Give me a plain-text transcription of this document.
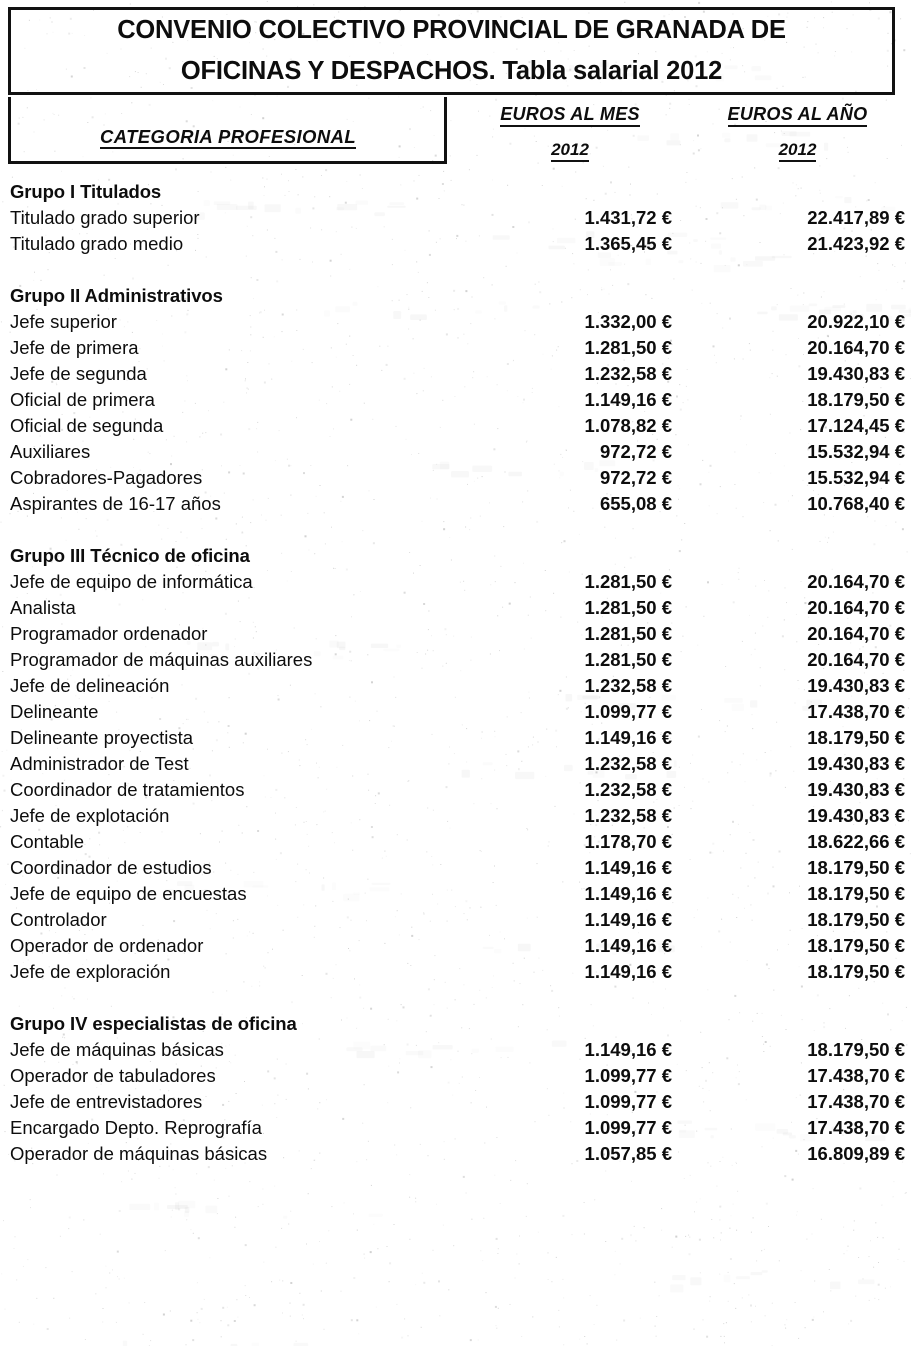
CONVENIO COLECTIVO PROVINCIAL DE GRANADA DE
OFICINAS Y DESPACHOS. Tabla salarial 2012
CATEGORIA PROFESIONAL
EUROS AL MES
2012
EUROS AL AÑO
2012
Grupo I Titulados
Titulado grado superior	1.431,72 €	22.417,89 €
Titulado grado medio	1.365,45 €	21.423,92 €
Grupo II Administrativos
Jefe superior	1.332,00 €	20.922,10 €
Jefe de primera	1.281,50 €	20.164,70 €
Jefe de segunda	1.232,58 €	19.430,83 €
Oficial de primera	1.149,16 €	18.179,50 €
Oficial de segunda	1.078,82 €	17.124,45 €
Auxiliares	972,72 €	15.532,94 €
Cobradores-Pagadores	972,72 €	15.532,94 €
Aspirantes de 16-17 años	655,08 €	10.768,40 €
Grupo III Técnico de oficina
Jefe de equipo de informática	1.281,50 €	20.164,70 €
Analista	1.281,50 €	20.164,70 €
Programador ordenador	1.281,50 €	20.164,70 €
Programador de máquinas auxiliares	1.281,50 €	20.164,70 €
Jefe de delineación	1.232,58 €	19.430,83 €
Delineante	1.099,77 €	17.438,70 €
Delineante proyectista	1.149,16 €	18.179,50 €
Administrador de Test	1.232,58 €	19.430,83 €
Coordinador de tratamientos	1.232,58 €	19.430,83 €
Jefe de explotación	1.232,58 €	19.430,83 €
Contable	1.178,70 €	18.622,66 €
Coordinador de estudios	1.149,16 €	18.179,50 €
Jefe de equipo de encuestas	1.149,16 €	18.179,50 €
Controlador	1.149,16 €	18.179,50 €
Operador de ordenador	1.149,16 €	18.179,50 €
Jefe de exploración	1.149,16 €	18.179,50 €
Grupo IV especialistas de oficina
Jefe de máquinas básicas	1.149,16 €	18.179,50 €
Operador de tabuladores	1.099,77 €	17.438,70 €
Jefe de entrevistadores	1.099,77 €	17.438,70 €
Encargado Depto. Reprografía	1.099,77 €	17.438,70 €
Operador de máquinas básicas	1.057,85 €	16.809,89 €
